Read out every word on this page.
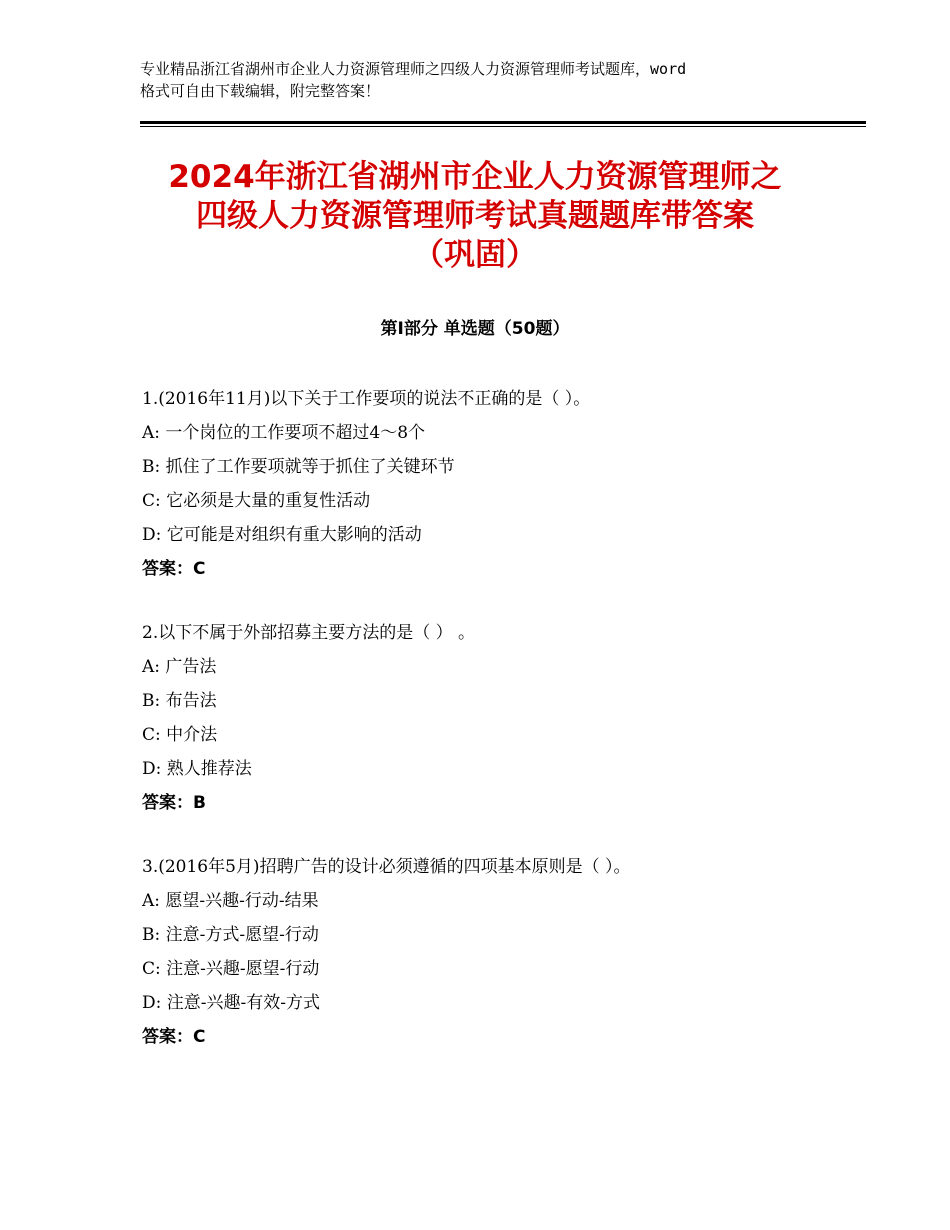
专业精品浙江省湖州市企业人力资源管理师之四级人力资源管理师考试题库，word
格式可自由下载编辑，附完整答案！
2024年浙江省湖州市企业人力资源管理师之
四级人力资源管理师考试真题题库带答案
（巩固）
第Ⅰ部分 单选题（50题）
1.(2016年11月)以下关于工作要项的说法不正确的是（ ）。
A: 一个岗位的工作要项不超过4～8个
B: 抓住了工作要项就等于抓住了关键环节
C: 它必须是大量的重复性活动
D: 它可能是对组织有重大影响的活动
答案：C
2.以下不属于外部招募主要方法的是（ ） 。
A: 广告法
B: 布告法
C: 中介法
D: 熟人推荐法
答案：B
3.(2016年5月)招聘广告的设计必须遵循的四项基本原则是（ ）。
A: 愿望-兴趣-行动-结果
B: 注意-方式-愿望-行动
C: 注意-兴趣-愿望-行动
D: 注意-兴趣-有效-方式
答案：C
